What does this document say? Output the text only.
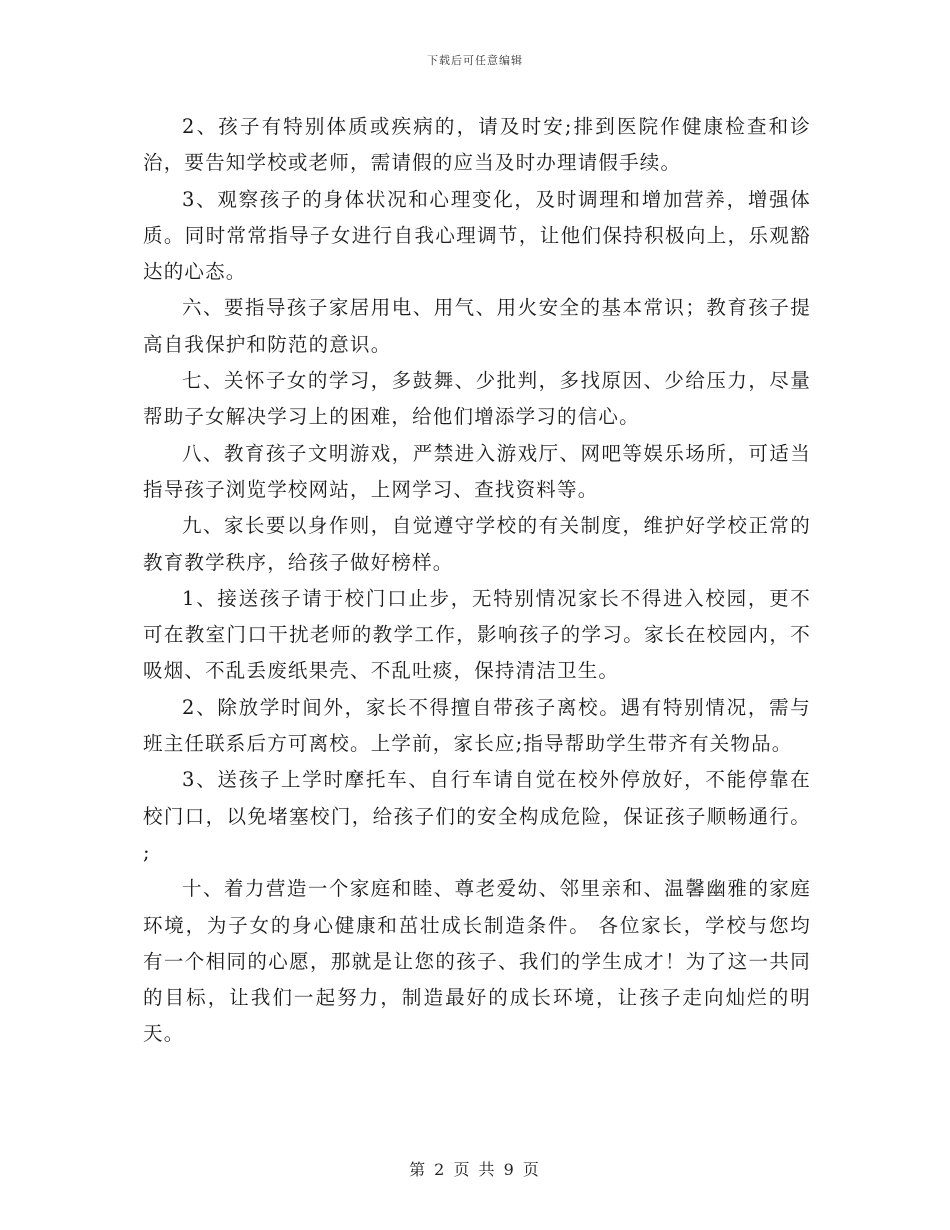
下载后可任意编辑

2、孩子有特别体质或疾病的，请及时安;排到医院作健康检查和诊治，要告知学校或老师，需请假的应当及时办理请假手续。

3、观察孩子的身体状况和心理变化，及时调理和增加营养，增强体质。同时常常指导子女进行自我心理调节，让他们保持积极向上，乐观豁达的心态。

六、要指导孩子家居用电、用气、用火安全的基本常识；教育孩子提高自我保护和防范的意识。

七、关怀子女的学习，多鼓舞、少批判，多找原因、少给压力，尽量帮助子女解决学习上的困难，给他们增添学习的信心。

八、教育孩子文明游戏，严禁进入游戏厅、网吧等娱乐场所，可适当指导孩子浏览学校网站，上网学习、查找资料等。

九、家长要以身作则，自觉遵守学校的有关制度，维护好学校正常的教育教学秩序，给孩子做好榜样。

1、接送孩子请于校门口止步，无特别情况家长不得进入校园，更不可在教室门口干扰老师的教学工作，影响孩子的学习。家长在校园内，不吸烟、不乱丢废纸果壳、不乱吐痰，保持清洁卫生。

2、除放学时间外，家长不得擅自带孩子离校。遇有特别情况，需与班主任联系后方可离校。上学前，家长应;指导帮助学生带齐有关物品。

3、送孩子上学时摩托车、自行车请自觉在校外停放好，不能停靠在校门口，以免堵塞校门，给孩子们的安全构成危险，保证孩子顺畅通行。 ;

十、着力营造一个家庭和睦、尊老爱幼、邻里亲和、温馨幽雅的家庭环境，为子女的身心健康和茁壮成长制造条件。 各位家长，学校与您均有一个相同的心愿，那就是让您的孩子、我们的学生成才！为了这一共同的目标，让我们一起努力，制造最好的成长环境，让孩子走向灿烂的明天。

第 2 页 共 9 页
